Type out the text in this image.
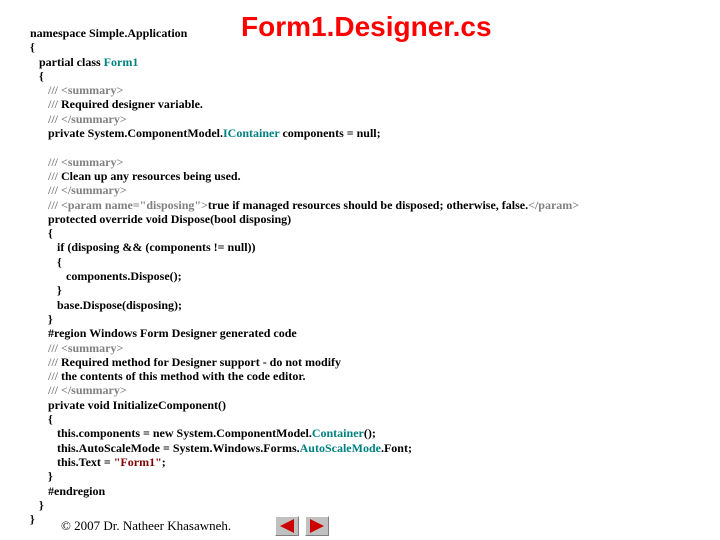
Form1.Designer.cs
namespace Simple.Application
{
partial class Form1
{
/// <summary>
/// Required designer variable.
/// </summary>
private System.ComponentModel.IContainer components = null;
/// <summary>
/// Clean up any resources being used.
/// </summary>
/// <param name="disposing">true if managed resources should be disposed; otherwise, false.</param>
protected override void Dispose(bool disposing)
{
if (disposing && (components != null))
{
components.Dispose();
}
base.Dispose(disposing);
}
#region Windows Form Designer generated code
/// <summary>
/// Required method for Designer support - do not modify
/// the contents of this method with the code editor.
/// </summary>
private void InitializeComponent()
{
this.components = new System.ComponentModel.Container();
this.AutoScaleMode = System.Windows.Forms.AutoScaleMode.Font;
this.Text = "Form1";
}
#endregion
}
}	© 2007 Dr. Natheer Khasawneh.
